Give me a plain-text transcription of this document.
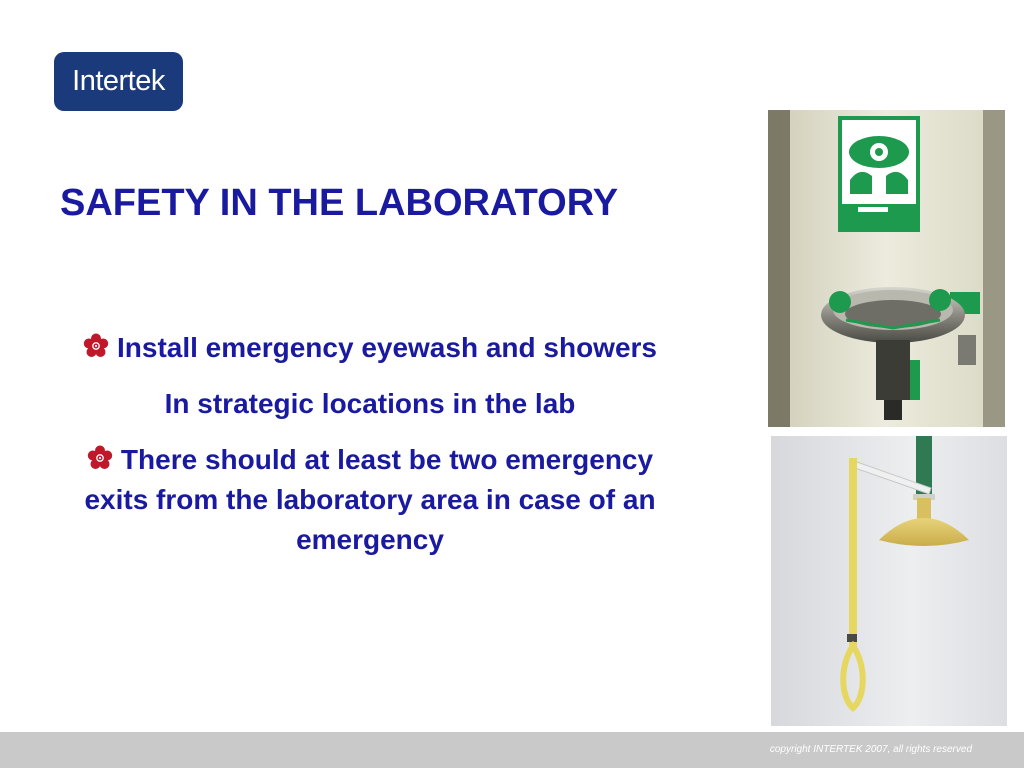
Intertek
SAFETY IN THE LABORATORY

Install emergency eyewash and showers

In strategic locations in the lab

There should at least be two emergency exits from the laboratory area in case of an emergency

copyright INTERTEK 2007, all rights reserved
